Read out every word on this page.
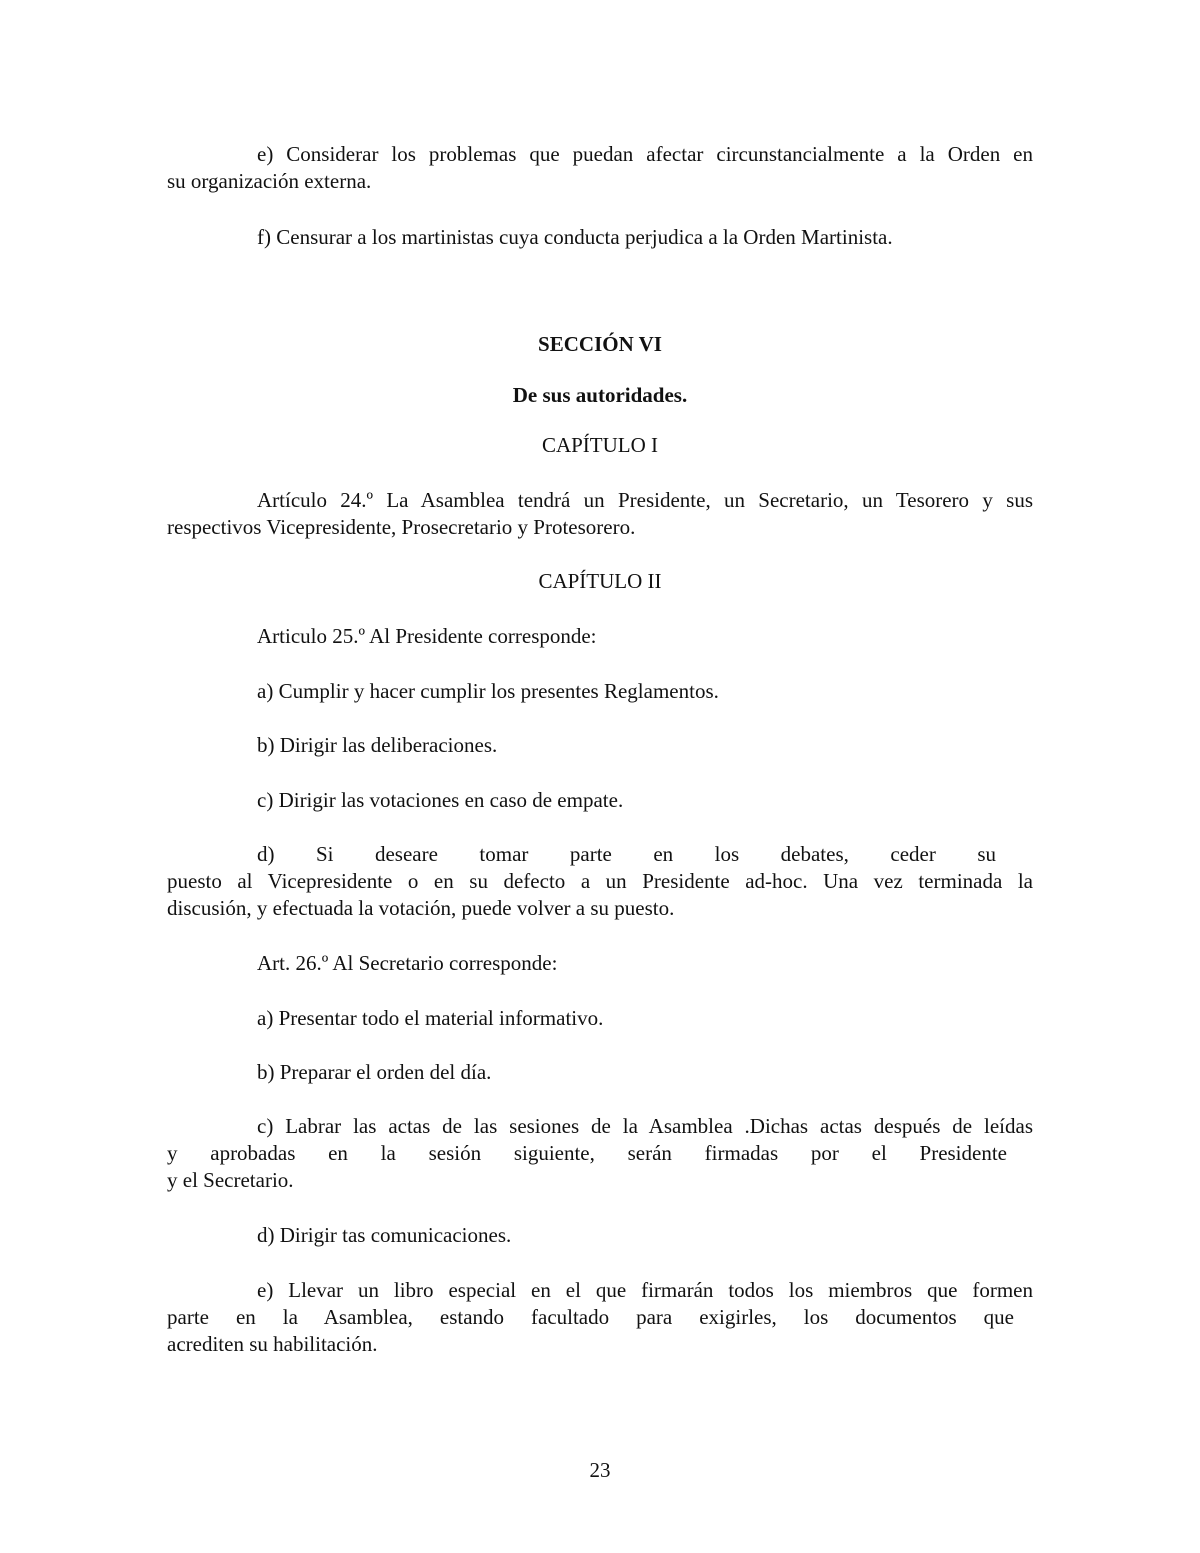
e) Considerar los problemas que puedan afectar circunstancialmente a la Orden en
su organización externa.
f) Censurar a los martinistas cuya conducta perjudica a la Orden Martinista.
SECCIÓN VI
De sus autoridades.
CAPÍTULO I
Artículo 24.º La Asamblea tendrá un Presidente, un Secretario, un Tesorero y sus
respectivos Vicepresidente, Prosecretario y Protesorero.
CAPÍTULO II
Articulo 25.º Al Presidente corresponde:
a) Cumplir y hacer cumplir los presentes Reglamentos.
b) Dirigir las deliberaciones.
c) Dirigir las votaciones en caso de empate.
d) Si deseare tomar parte en los debates, ceder su
puesto al Vicepresidente o en su defecto a un Presidente ad-hoc. Una vez terminada la
discusión, y efectuada la votación, puede volver a su puesto.
Art. 26.º Al Secretario corresponde:
a) Presentar todo el material informativo.
b) Preparar el orden del día.
c) Labrar las actas de las sesiones de la Asamblea .Dichas actas después de leídas
y aprobadas en la sesión siguiente, serán firmadas por el Presidente
y el Secretario.
d) Dirigir tas comunicaciones.
e) Llevar un libro especial en el que firmarán todos los miembros que formen
parte en la Asamblea, estando facultado para exigirles, los documentos que
acrediten su habilitación.
23
